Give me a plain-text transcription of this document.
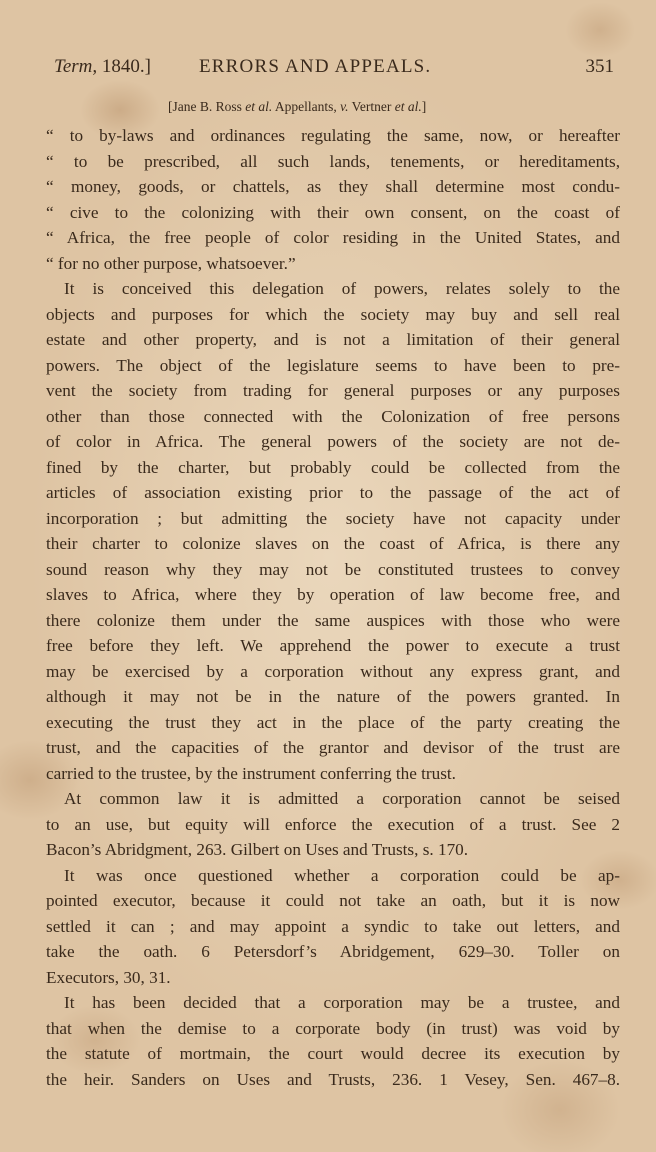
Term, 1840.]	ERRORS AND APPEALS.	351
[Jane B. Ross et al. Appellants, v. Vertner et al.]
“ to by-laws and ordinances regulating the same, now, or hereafter
“ to be prescribed, all such lands, tenements, or hereditaments,
“ money, goods, or chattels, as they shall determine most condu-
“ cive to the colonizing with their own consent, on the coast of
“ Africa, the free people of color residing in the United States, and
“ for no other purpose, whatsoever.”
It is conceived this delegation of powers, relates solely to the
objects and purposes for which the society may buy and sell real
estate and other property, and is not a limitation of their general
powers. The object of the legislature seems to have been to pre-
vent the society from trading for general purposes or any purposes
other than those connected with the Colonization of free persons
of color in Africa. The general powers of the society are not de-
fined by the charter, but probably could be collected from the
articles of association existing prior to the passage of the act of
incorporation ; but admitting the society have not capacity under
their charter to colonize slaves on the coast of Africa, is there any
sound reason why they may not be constituted trustees to convey
slaves to Africa, where they by operation of law become free, and
there colonize them under the same auspices with those who were
free before they left. We apprehend the power to execute a trust
may be exercised by a corporation without any express grant, and
although it may not be in the nature of the powers granted. In
executing the trust they act in the place of the party creating the
trust, and the capacities of the grantor and devisor of the trust are
carried to the trustee, by the instrument conferring the trust.
At common law it is admitted a corporation cannot be seised
to an use, but equity will enforce the execution of a trust. See 2
Bacon’s Abridgment, 263. Gilbert on Uses and Trusts, s. 170.
It was once questioned whether a corporation could be ap-
pointed executor, because it could not take an oath, but it is now
settled it can ; and may appoint a syndic to take out letters, and
take the oath. 6 Petersdorf’s Abridgement, 629–30. Toller on
Executors, 30, 31.
It has been decided that a corporation may be a trustee, and
that when the demise to a corporate body (in trust) was void by
the statute of mortmain, the court would decree its execution by
the heir. Sanders on Uses and Trusts, 236. 1 Vesey, Sen. 467–8.
